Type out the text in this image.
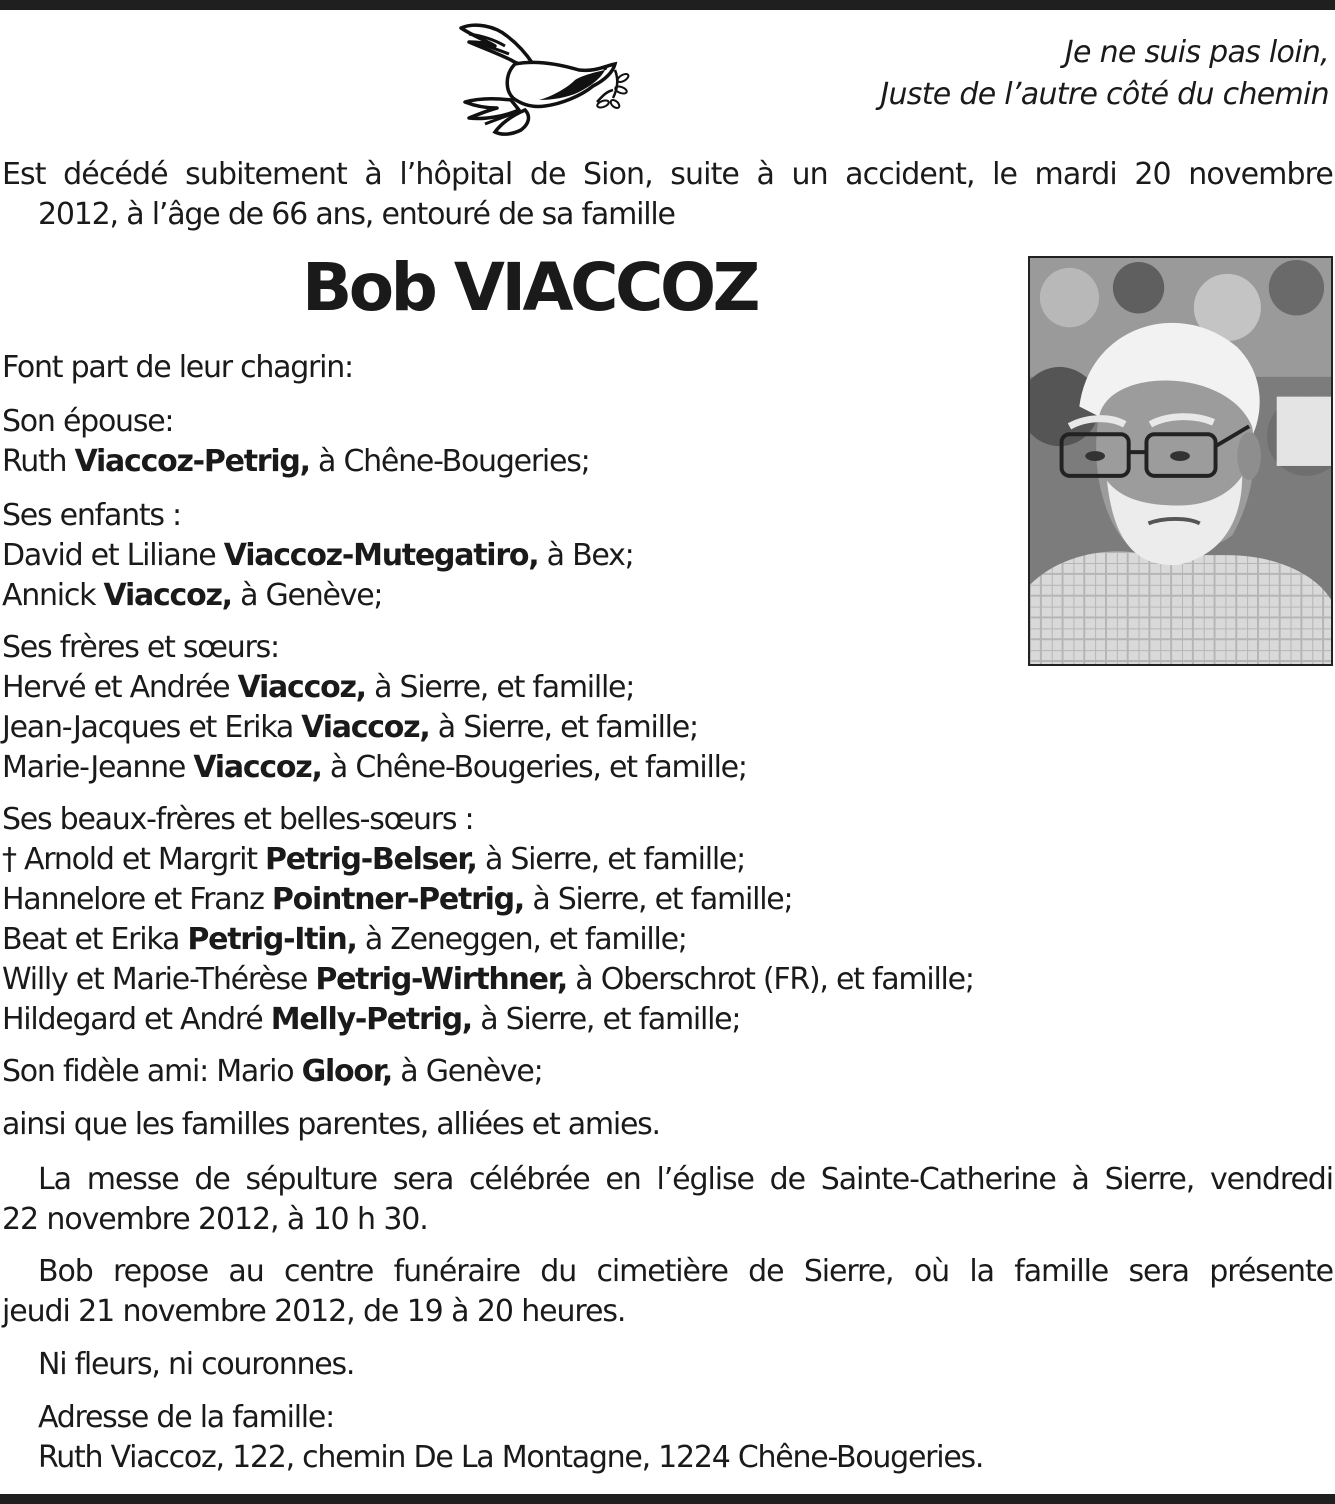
Je ne suis pas loin,
Juste de l’autre côté du chemin
Est décédé subitement à l’hôpital de Sion, suite à un accident, le mardi 20 novembre
2012, à l’âge de 66 ans, entouré de sa famille
Bob VIACCOZ
Font part de leur chagrin:
Son épouse:
Ruth Viaccoz-Petrig, à Chêne-Bougeries;
Ses enfants :
David et Liliane Viaccoz-Mutegatiro, à Bex;
Annick Viaccoz, à Genève;
Ses frères et sœurs:
Hervé et Andrée Viaccoz, à Sierre, et famille;
Jean-Jacques et Erika Viaccoz, à Sierre, et famille;
Marie-Jeanne Viaccoz, à Chêne-Bougeries, et famille;
Ses beaux-frères et belles-sœurs :
† Arnold et Margrit Petrig-Belser, à Sierre, et famille;
Hannelore et Franz Pointner-Petrig, à Sierre, et famille;
Beat et Erika Petrig-Itin, à Zeneggen, et famille;
Willy et Marie-Thérèse Petrig-Wirthner, à Oberschrot (FR), et famille;
Hildegard et André Melly-Petrig, à Sierre, et famille;
Son fidèle ami: Mario Gloor, à Genève;
ainsi que les familles parentes, alliées et amies.
La messe de sépulture sera célébrée en l’église de Sainte-Catherine à Sierre, vendredi
22 novembre 2012, à 10 h 30.
Bob repose au centre funéraire du cimetière de Sierre, où la famille sera présente
jeudi 21 novembre 2012, de 19 à 20 heures.
Ni fleurs, ni couronnes.
Adresse de la famille:
Ruth Viaccoz, 122, chemin De La Montagne, 1224 Chêne-Bougeries.
